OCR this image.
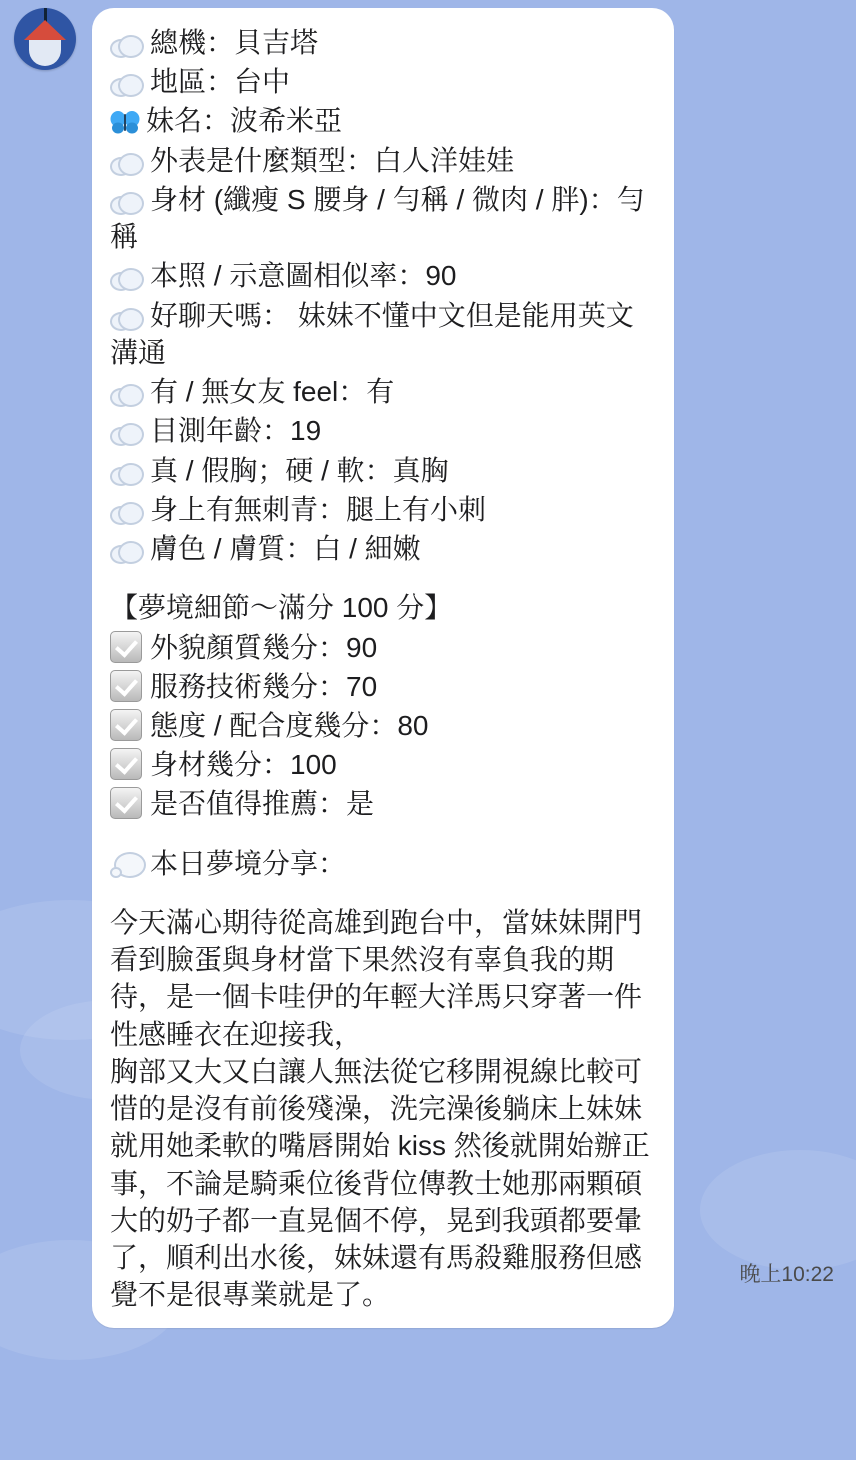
總機：貝吉塔
地區：台中
妹名：波希米亞
外表是什麼類型：白人洋娃娃
身材 (纖瘦 S 腰身 / 勻稱 / 微肉 / 胖)：勻稱
本照 / 示意圖相似率：90
好聊天嗎： 妹妹不懂中文但是能用英文溝通
有 / 無女友 feel：有
目測年齡：19
真 / 假胸；硬 / 軟：真胸
身上有無刺青：腿上有小刺
膚色 / 膚質：白 / 細嫩
【夢境細節～滿分 100 分】
外貌顏質幾分：90
服務技術幾分：70
態度 / 配合度幾分：80
身材幾分：100
是否值得推薦：是
本日夢境分享：

今天滿心期待從高雄到跑台中，當妹妹開門看到臉蛋與身材當下果然沒有辜負我的期待，是一個卡哇伊的年輕大洋馬只穿著一件性感睡衣在迎接我，

胸部又大又白讓人無法從它移開視線比較可惜的是沒有前後殘澡，洗完澡後躺床上妹妹就用她柔軟的嘴唇開始 kiss 然後就開始辦正事，不論是騎乘位後背位傳教士她那兩顆碩大的奶子都一直晃個不停，晃到我頭都要暈了，順利出水後，妹妹還有馬殺雞服務但感覺不是很專業就是了。

晚上10:22
